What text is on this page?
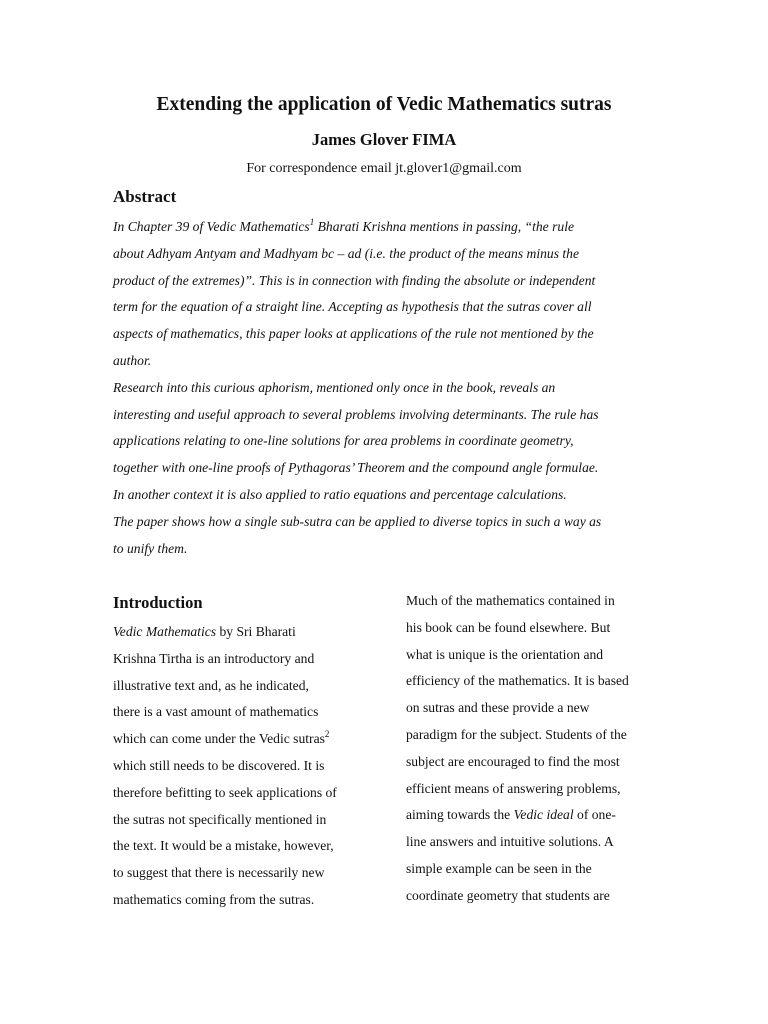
Extending the application of Vedic Mathematics sutras
James Glover FIMA
For correspondence email jt.glover1@gmail.com
Abstract
In Chapter 39 of Vedic Mathematics$^1$ Bharati Krishna mentions in passing, “the rule
about Adhyam Antyam and Madhyam bc – ad (i.e. the product of the means minus the
product of the extremes)”. This is in connection with finding the absolute or independent
term for the equation of a straight line. Accepting as hypothesis that the sutras cover all
aspects of mathematics, this paper looks at applications of the rule not mentioned by the
author.
Research into this curious aphorism, mentioned only once in the book, reveals an
interesting and useful approach to several problems involving determinants. The rule has
applications relating to one-line solutions for area problems in coordinate geometry,
together with one-line proofs of Pythagoras’ Theorem and the compound angle formulae.
In another context it is also applied to ratio equations and percentage calculations.
The paper shows how a single sub-sutra can be applied to diverse topics in such a way as
to unify them.
Introduction
Vedic Mathematics by Sri Bharati
Krishna Tirtha is an introductory and
illustrative text and, as he indicated,
there is a vast amount of mathematics
which can come under the Vedic sutras$^2$
which still needs to be discovered. It is
therefore befitting to seek applications of
the sutras not specifically mentioned in
the text. It would be a mistake, however,
to suggest that there is necessarily new
mathematics coming from the sutras.
Much of the mathematics contained in
his book can be found elsewhere. But
what is unique is the orientation and
efficiency of the mathematics. It is based
on sutras and these provide a new
paradigm for the subject. Students of the
subject are encouraged to find the most
efficient means of answering problems,
aiming towards the Vedic ideal of one-
line answers and intuitive solutions. A
simple example can be seen in the
coordinate geometry that students are
